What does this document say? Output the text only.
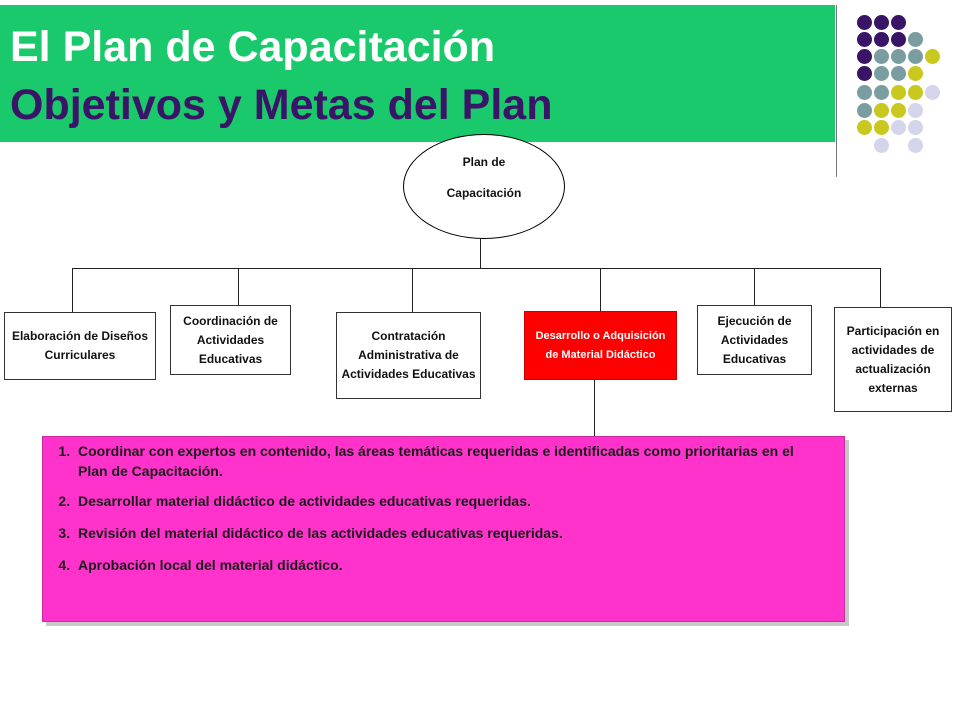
El Plan de Capacitación
Objetivos y Metas del Plan
Plan de
Capacitación
Elaboración de Diseños Curriculares
Coordinación de Actividades Educativas
Contratación Administrativa de Actividades Educativas
Desarrollo o Adquisición de Material Didáctico
Ejecución de Actividades Educativas
Participación en actividades de actualización externas
1. Coordinar con expertos en contenido, las áreas temáticas requeridas e identificadas como prioritarias en el Plan de Capacitación.
2. Desarrollar material didáctico de actividades educativas requeridas.
3. Revisión del material didáctico de las actividades educativas requeridas.
4. Aprobación local del material didáctico.
